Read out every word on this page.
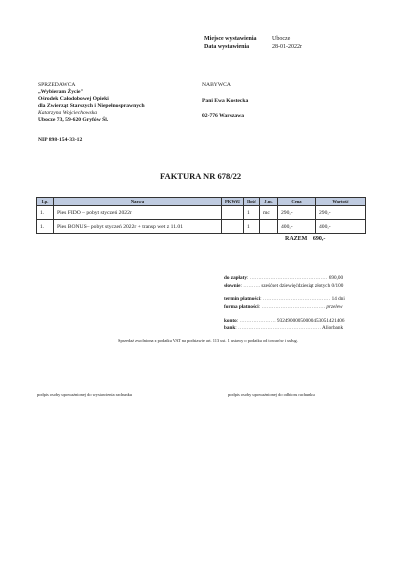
Miejsce wystawienia	Ubocze
Data wystawienia	28-01-2022r
SPRZEDAWCA
„Wybieram Życie"
Ośrodek Całodobowej Opieki
dla Zwierząt Starszych i Niepełnosprawnych
Katarzyna Wojciechowska
Ubocze 73, 59-620 Gryfów Śl.
NIP 898-154-33-12
NABYWCA
Pani Ewa Kostecka
02-776 Warszawa
FAKTURA NR 678/22
Lp.	Nazwa	PKWiU	Ilość	J.m.	Cena	Wartość
1.	Pies FIDO – pobyt styczeń 2022r		1	mc	290,-	290,-
1.	Pies BONUS– pobyt styczeń 2022r + transp wet z 11.01		1		400,-	400,-
RAZEM 690,-
do zapłaty: ……………………………………… 690,00
słownie: ………. sześćset dziewięćdziesiąt złotych 0/100
termin płatności: ………………………………… 14 dni
forma płatności: ………………………………. przelew
konto: ………………… 93249000050000453051421406
bank: ………………………………………… Aliorbank
Sprzedaż zwolniona z podatku VAT na podstawie art. 113 ust. 1 ustawy o podatku od towarów i usług.
podpis osoby upoważnionej do wystawienia rachunku	podpis osoby upoważnionej do odbioru rachunku
